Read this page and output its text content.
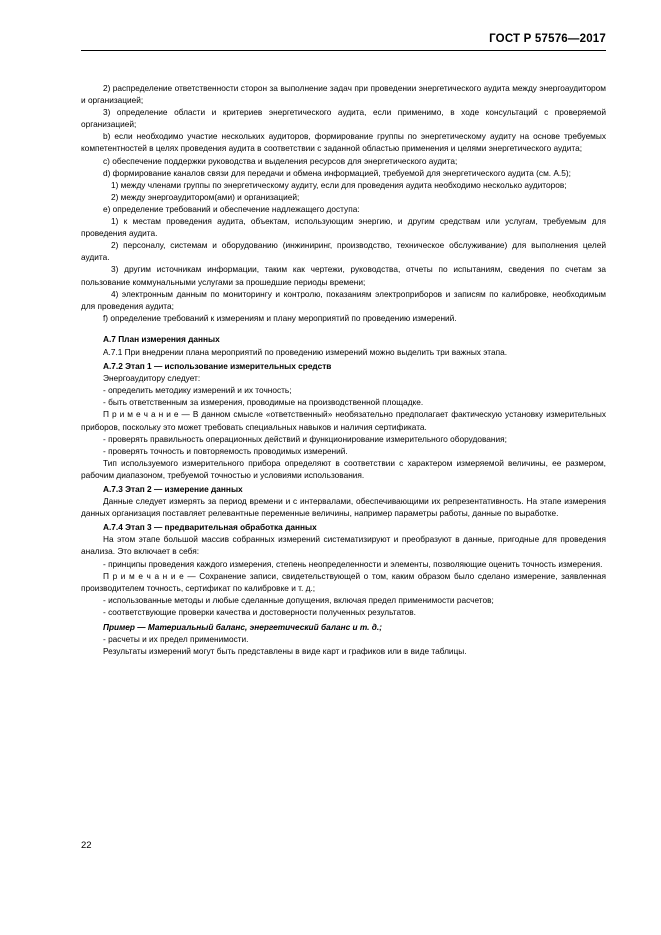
ГОСТ Р 57576—2017

2) распределение ответственности сторон за выполнение задач при проведении энергетического аудита между энергоаудитором и организацией;

3) определение области и критериев энергетического аудита, если применимо, в ходе консультаций с проверяемой организацией;

b) если необходимо участие нескольких аудиторов, формирование группы по энергетическому аудиту на основе требуемых компетентностей в целях проведения аудита в соответствии с заданной областью применения и целями энергетического аудита;

c) обеспечение поддержки руководства и выделения ресурсов для энергетического аудита;

d) формирование каналов связи для передачи и обмена информацией, требуемой для энергетического аудита (см. А.5);

1) между членами группы по энергетическому аудиту, если для проведения аудита необходимо несколько аудиторов;

2) между энергоаудитором(ами) и организацией;

e) определение требований и обеспечение надлежащего доступа:

1) к местам проведения аудита, объектам, использующим энергию, и другим средствам или услугам, требуемым для проведения аудита.

2) персоналу, системам и оборудованию (инжиниринг, производство, техническое обслуживание) для выполнения целей аудита.

3) другим источникам информации, таким как чертежи, руководства, отчеты по испытаниям, сведения по счетам за пользование коммунальными услугами за прошедшие периоды времени;

4) электронным данным по мониторингу и контролю, показаниям электроприборов и записям по калибровке, необходимым для проведения аудита;

f) определение требований к измерениям и плану мероприятий по проведению измерений.

А.7 План измерения данных

А.7.1 При внедрении плана мероприятий по проведению измерений можно выделить три важных этапа.

А.7.2 Этап 1 — использование измерительных средств

Энергоаудитору следует:

- определить методику измерений и их точность;

- быть ответственным за измерения, проводимые на производственной площадке.

П р и м е ч а н и е — В данном смысле «ответственный» необязательно предполагает фактическую установку измерительных приборов, поскольку это может требовать специальных навыков и наличия сертификата.

- проверять правильность операционных действий и функционирование измерительного оборудования;

- проверять точность и повторяемость проводимых измерений.

Тип используемого измерительного прибора определяют в соответствии с характером измеряемой величины, ее размером, рабочим диапазоном, требуемой точностью и условиями использования.

А.7.3 Этап 2 — измерение данных

Данные следует измерять за период времени и с интервалами, обеспечивающими их репрезентативность. На этапе измерения данных организация поставляет релевантные переменные величины, например параметры работы, данные по выработке.

А.7.4 Этап 3 — предварительная обработка данных

На этом этапе большой массив собранных измерений систематизируют и преобразуют в данные, пригодные для проведения анализа. Это включает в себя:

- принципы проведения каждого измерения, степень неопределенности и элементы, позволяющие оценить точность измерения.

П р и м е ч а н и е — Сохранение записи, свидетельствующей о том, каким образом было сделано измерение, заявленная производителем точность, сертификат по калибровке и т. д.;

- использованные методы и любые сделанные допущения, включая предел применимости расчетов;

- соответствующие проверки качества и достоверности полученных результатов.

Пример — Материальный баланс, энергетический баланс и т. д.;

- расчеты и их предел применимости.

Результаты измерений могут быть представлены в виде карт и графиков или в виде таблицы.

22
